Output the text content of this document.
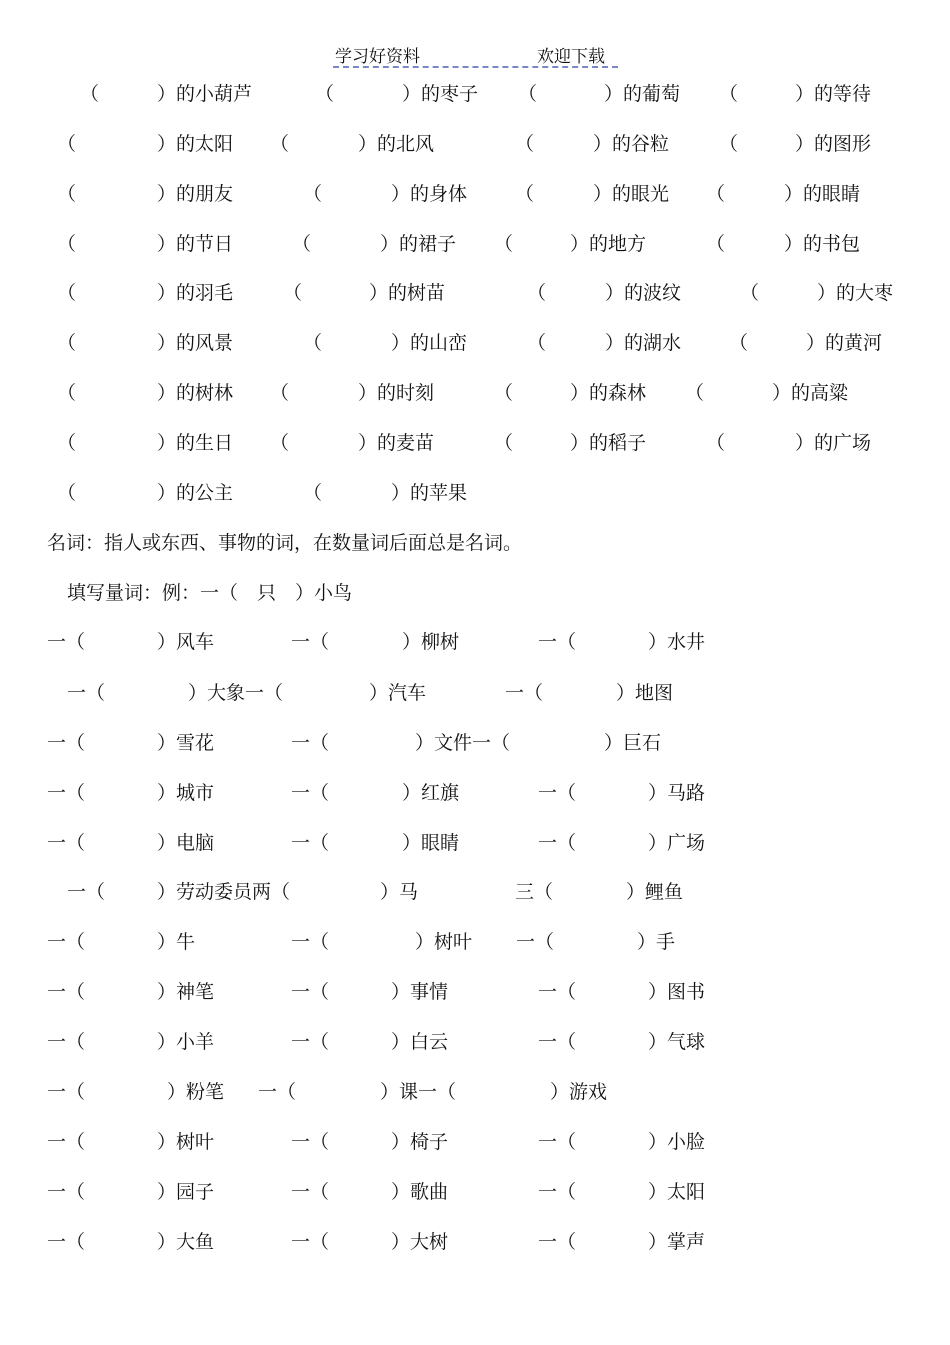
学习好资料	欢迎下载
（	）的小葫芦	（	）的枣子 （	）的葡萄 （	）的等待
（	）的太阳 （	）的北风	（	）的谷粒	（	）的图形
（	）的朋友	（	）的身体	（	）的眼光 （	）的眼睛
（	）的节日	（	）的裙子 （	）的地方	（	）的书包
（	）的羽毛	（	）的树苗	（	）的波纹	（	）的大枣
（	）的风景	（	）的山峦	（	）的湖水	（	）的黄河
（	）的树林 （	）的时刻	（	）的森林 （	）的高粱
（	）的生日 （	）的麦苗	（	）的稻子	（	）的广场
（	）的公主	（	）的苹果
名词：指人或东西、事物的词，在数量词后面总是名词。
填写量词：例：一（　只　）小鸟
一（	）风车	一（	）柳树	一（	）水井
一（	）大象一（	）汽车	一（	）地图
一（	）雪花	一（	）文件一（	）巨石
一（	）城市	一（	）红旗	一（	）马路
一（	）电脑	一（	）眼睛	一（	）广场
一（	）劳动委员两（	）马	三（	）鲤鱼
一（	）牛	一（	）树叶 一（	）手
一（	）神笔	一（	）事情	一（	）图书
一（	）小羊	一（	）白云	一（	）气球
一（	）粉笔 一（	）课一（	）游戏
一（	）树叶	一（	）椅子	一（	）小脸
一（	）园子	一（	）歌曲	一（	）太阳
一（	）大鱼	一（	）大树	一（	）掌声
